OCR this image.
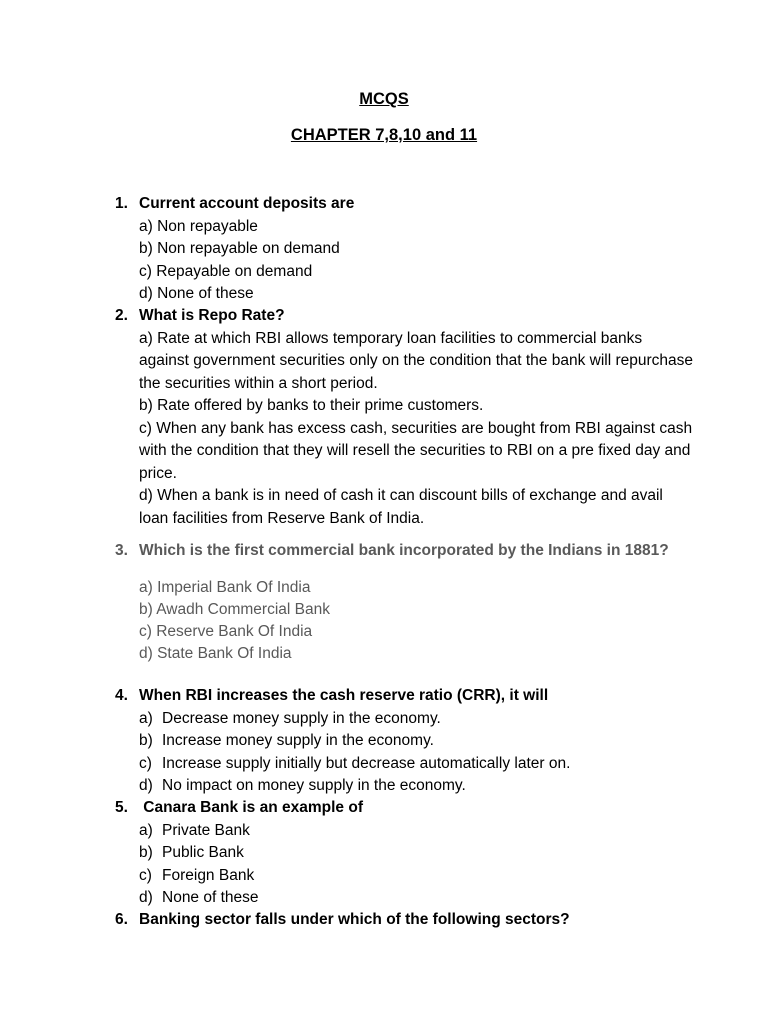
MCQS
CHAPTER 7,8,10 and 11
1. Current account deposits are
a) Non repayable
b) Non repayable on demand
c) Repayable on demand
d) None of these
2. What is Repo Rate?
a) Rate at which RBI allows temporary loan facilities to commercial banks against government securities only on the condition that the bank will repurchase the securities within a short period.
b) Rate offered by banks to their prime customers.
c) When any bank has excess cash, securities are bought from RBI against cash with the condition that they will resell the securities to RBI on a pre fixed day and price.
d) When a bank is in need of cash it can discount bills of exchange and avail loan facilities from Reserve Bank of India.
3. Which is the first commercial bank incorporated by the Indians in 1881?
a) Imperial Bank Of India
b) Awadh Commercial Bank
c) Reserve Bank Of India
d) State Bank Of India
4. When RBI increases the cash reserve ratio (CRR), it will
a) Decrease money supply in the economy.
b) Increase money supply in the economy.
c) Increase supply initially but decrease automatically later on.
d) No impact on money supply in the economy.
5. Canara Bank is an example of
a) Private Bank
b) Public Bank
c) Foreign Bank
d) None of these
6. Banking sector falls under which of the following sectors?
